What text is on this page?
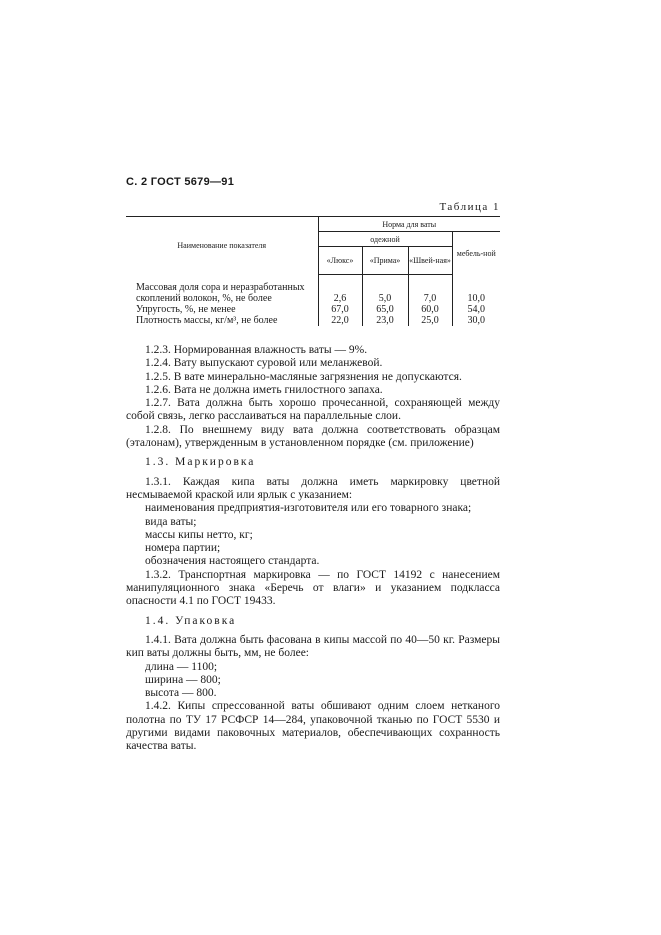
С. 2 ГОСТ 5679—91
Таблица 1
Наименование показателя	Норма для ваты			
	одежной			мебель-ной
	«Люкс»	«Прима»	«Швей-ная»	
Массовая доля сора и неразработанных скоплений волокон, %, не более	2,6	5,0	7,0	10,0
Упругость, %, не менее	67,0	65,0	60,0	54,0
Плотность массы, кг/м³, не более	22,0	23,0	25,0	30,0

1.2.3. Нормированная влажность ваты — 9%.

1.2.4. Вату выпускают суровой или меланжевой.

1.2.5. В вате минерально-масляные загрязнения не допускаются.

1.2.6. Вата не должна иметь гнилостного запаха.

1.2.7. Вата должна быть хорошо прочесанной, сохраняющей между собой связь, легко расслаиваться на параллельные слои.

1.2.8. По внешнему виду вата должна соответствовать образцам (эталонам), утвержденным в установленном порядке (см. приложение)

1.3. Маркировка

1.3.1. Каждая кипа ваты должна иметь маркировку цветной несмываемой краской или ярлык с указанием:

наименования предприятия-изготовителя или его товарного знака;

вида ваты;

массы кипы нетто, кг;

номера партии;

обозначения настоящего стандарта.

1.3.2. Транспортная маркировка — по ГОСТ 14192 с нанесением манипуляционного знака «Беречь от влаги» и указанием подкласса опасности 4.1 по ГОСТ 19433.

1.4. Упаковка

1.4.1. Вата должна быть фасована в кипы массой по 40—50 кг. Размеры кип ваты должны быть, мм, не более:

длина — 1100;

ширина — 800;

высота — 800.

1.4.2. Кипы спрессованной ваты обшивают одним слоем нетканого полотна по ТУ 17 РСФСР 14—284, упаковочной тканью по ГОСТ 5530 и другими видами паковочных материалов, обеспечивающих сохранность качества ваты.
